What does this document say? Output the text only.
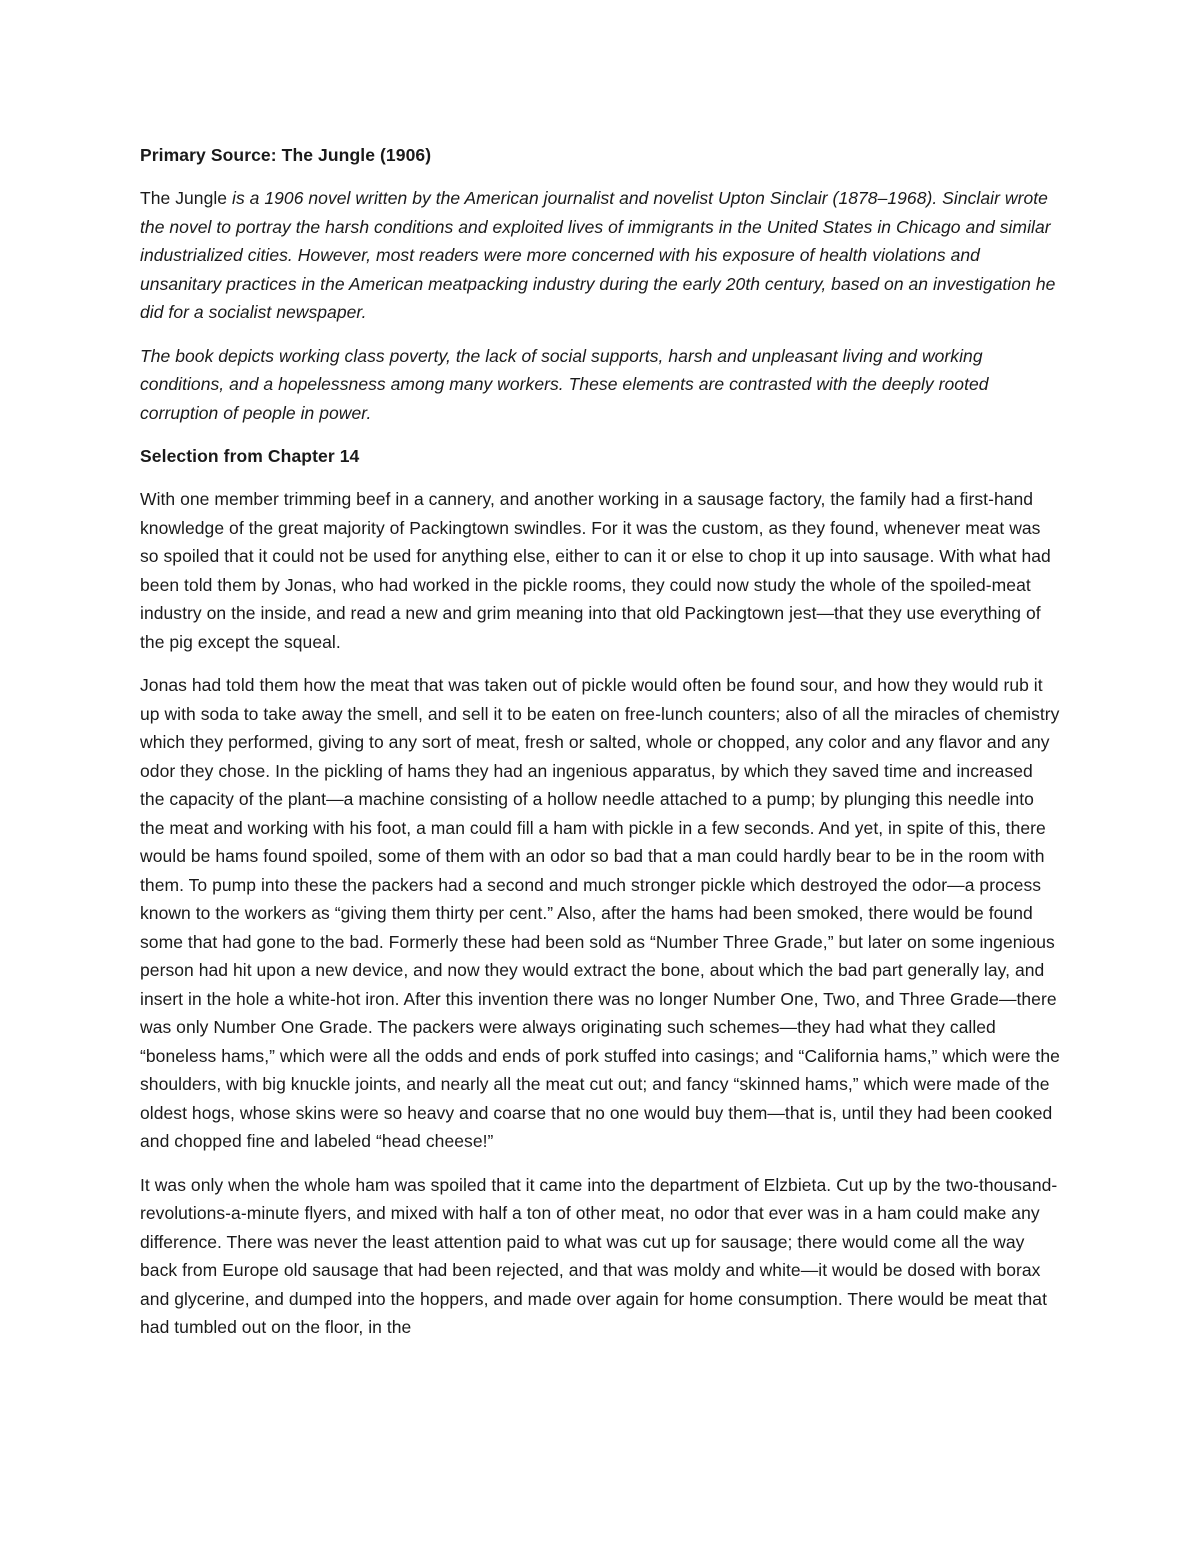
Primary Source: The Jungle (1906)

The Jungle is a 1906 novel written by the American journalist and novelist Upton Sinclair (1878–1968). Sinclair wrote the novel to portray the harsh conditions and exploited lives of immigrants in the United States in Chicago and similar industrialized cities. However, most readers were more concerned with his exposure of health violations and unsanitary practices in the American meatpacking industry during the early 20th century, based on an investigation he did for a socialist newspaper.

The book depicts working class poverty, the lack of social supports, harsh and unpleasant living and working conditions, and a hopelessness among many workers. These elements are contrasted with the deeply rooted corruption of people in power.

Selection from Chapter 14

With one member trimming beef in a cannery, and another working in a sausage factory, the family had a first-hand knowledge of the great majority of Packingtown swindles. For it was the custom, as they found, whenever meat was so spoiled that it could not be used for anything else, either to can it or else to chop it up into sausage. With what had been told them by Jonas, who had worked in the pickle rooms, they could now study the whole of the spoiled-meat industry on the inside, and read a new and grim meaning into that old Packingtown jest—that they use everything of the pig except the squeal.

Jonas had told them how the meat that was taken out of pickle would often be found sour, and how they would rub it up with soda to take away the smell, and sell it to be eaten on free-lunch counters; also of all the miracles of chemistry which they performed, giving to any sort of meat, fresh or salted, whole or chopped, any color and any flavor and any odor they chose. In the pickling of hams they had an ingenious apparatus, by which they saved time and increased the capacity of the plant—a machine consisting of a hollow needle attached to a pump; by plunging this needle into the meat and working with his foot, a man could fill a ham with pickle in a few seconds. And yet, in spite of this, there would be hams found spoiled, some of them with an odor so bad that a man could hardly bear to be in the room with them. To pump into these the packers had a second and much stronger pickle which destroyed the odor—a process known to the workers as “giving them thirty per cent.” Also, after the hams had been smoked, there would be found some that had gone to the bad. Formerly these had been sold as “Number Three Grade,” but later on some ingenious person had hit upon a new device, and now they would extract the bone, about which the bad part generally lay, and insert in the hole a white-hot iron. After this invention there was no longer Number One, Two, and Three Grade—there was only Number One Grade. The packers were always originating such schemes—they had what they called “boneless hams,” which were all the odds and ends of pork stuffed into casings; and “California hams,” which were the shoulders, with big knuckle joints, and nearly all the meat cut out; and fancy “skinned hams,” which were made of the oldest hogs, whose skins were so heavy and coarse that no one would buy them—that is, until they had been cooked and chopped fine and labeled “head cheese!”

It was only when the whole ham was spoiled that it came into the department of Elzbieta. Cut up by the two-thousand-revolutions-a-minute flyers, and mixed with half a ton of other meat, no odor that ever was in a ham could make any difference. There was never the least attention paid to what was cut up for sausage; there would come all the way back from Europe old sausage that had been rejected, and that was moldy and white—it would be dosed with borax and glycerine, and dumped into the hoppers, and made over again for home consumption. There would be meat that had tumbled out on the floor, in the
